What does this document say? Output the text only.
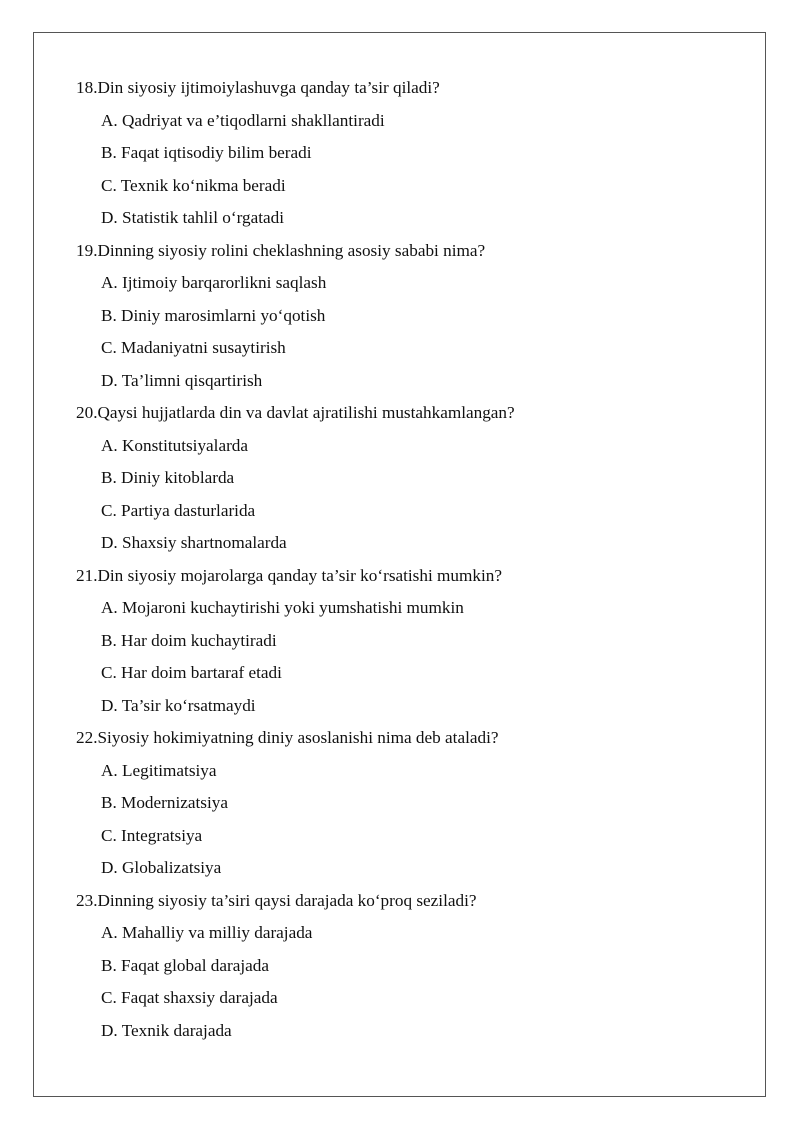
18.Din siyosiy ijtimoiylashuvga qanday ta’sir qiladi?
A. Qadriyat va e’tiqodlarni shakllantiradi
B. Faqat iqtisodiy bilim beradi
C. Texnik ko‘nikma beradi
D. Statistik tahlil o‘rgatadi
19.Dinning siyosiy rolini cheklashning asosiy sababi nima?
A. Ijtimoiy barqarorlikni saqlash
B. Diniy marosimlarni yo‘qotish
C. Madaniyatni susaytirish
D. Ta’limni qisqartirish
20.Qaysi hujjatlarda din va davlat ajratilishi mustahkamlangan?
A. Konstitutsiyalarda
B. Diniy kitoblarda
C. Partiya dasturlarida
D. Shaxsiy shartnomalarda
21.Din siyosiy mojarolarga qanday ta’sir ko‘rsatishi mumkin?
A. Mojaroni kuchaytirishi yoki yumshatishi mumkin
B. Har doim kuchaytiradi
C. Har doim bartaraf etadi
D. Ta’sir ko‘rsatmaydi
22.Siyosiy hokimiyatning diniy asoslanishi nima deb ataladi?
A. Legitimatsiya
B. Modernizatsiya
C. Integratsiya
D. Globalizatsiya
23.Dinning siyosiy ta’siri qaysi darajada ko‘proq seziladi?
A. Mahalliy va milliy darajada
B. Faqat global darajada
C. Faqat shaxsiy darajada
D. Texnik darajada
